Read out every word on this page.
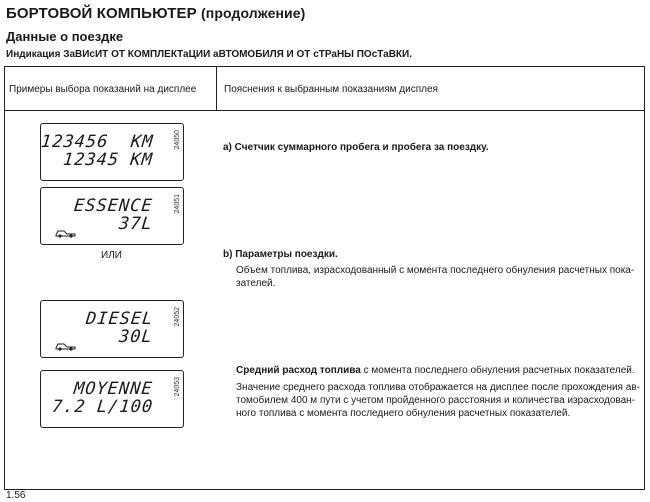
БОРТОВОЙ КОМПЬЮТЕР (продолжение)
Данные о поездке
Индикация ЗаВИсИТ ОТ КОМПЛЕКТаЦИИ аВТОМОБИЛЯ И ОТ сТРаНЫ ПОсТаВКИ.
Примеры выбора показаний на дисплее	Пояснения к выбранным показаниям дисплея
123456  KM
12345 KM
24050
ESSENCE
37L
24051
ИЛИ
DIESEL
30L
24052
MOYENNE
7.2 L/100
24053
a) Счетчик суммарного пробега и пробега за поездку.
b) Параметры поездки.
Объем топлива, израсходованный с момента последнего обнуления расчетных пока-
зателей.
Средний расход топлива с момента последнего обнуления расчетных показателей.
Значение среднего расхода топлива отображается на дисплее после прохождения ав-
томобилем 400 м пути с учетом пройденного расстояния и количества израсходован-
ного топлива с момента последнего обнуления расчетных показателей.
1.56
